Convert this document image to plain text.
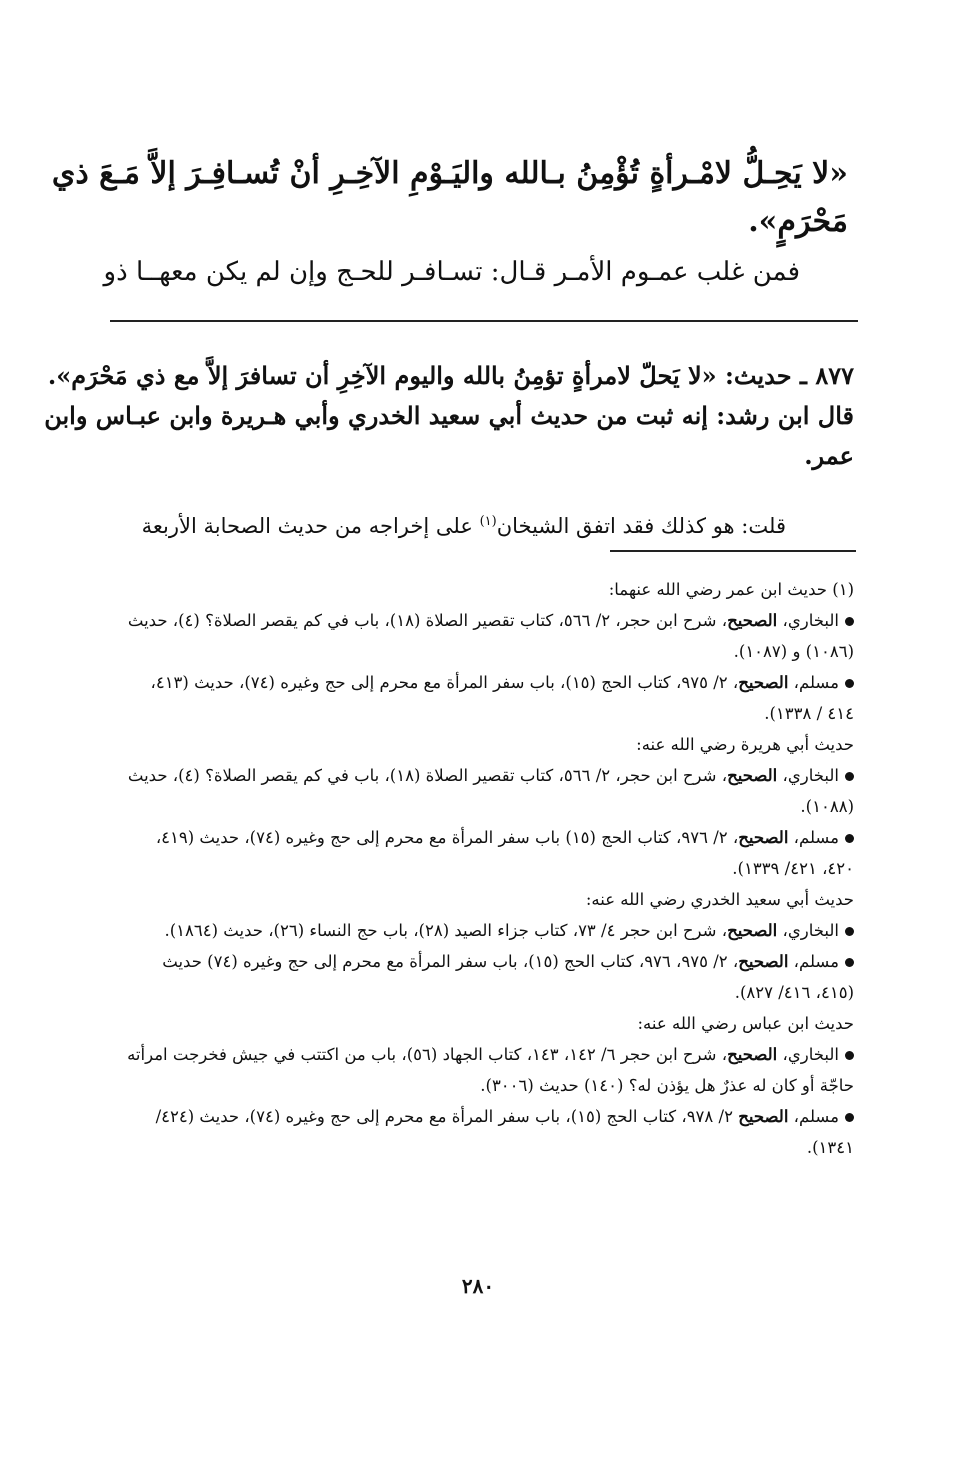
«لا يَحِـلُّ لامْـرأةٍ تُؤْمِنُ بـالله واليَـوْمِ الآخِـرِ أنْ تُسـافِـرَ إلاَّ مَـعَ ذي
مَحْرَمٍ».
فمن غلب عمـوم الأمـر قـال: تسـافـر للحـج وإن لم يكن معهــا ذو
٨٧٧ ـ حديث: «لا يَحلّ لامرأةٍ تؤمِنُ بالله واليوم الآخِرِ أن تسافرَ إلاَّ مع ذي مَحْرَم».
قال ابن رشد: إنه ثبت من حديث أبي سعيد الخدري وأبي هـريرة وابن عبـاس وابن
عمر.
قلت: هو كذلك فقد اتفق الشيخان$^{(١)}$ على إخراجه من حديث الصحابة الأربعة
(١) حديث ابن عمر رضي الله عنهما:
البخاري، الصحيح، شرح ابن حجر، ٢/ ٥٦٦، كتاب تقصير الصلاة (١٨)، باب في كم يقصر الصلاة؟ (٤)، حديث (١٠٨٦) و (١٠٨٧).
مسلم، الصحيح، ٢/ ٩٧٥، كتاب الحج (١٥)، باب سفر المرأة مع محرم إلى حج وغيره (٧٤)، حديث (٤١٣، ٤١٤ / ١٣٣٨).
حديث أبي هريرة رضي الله عنه:
البخاري، الصحيح، شرح ابن حجر، ٢/ ٥٦٦، كتاب تقصير الصلاة (١٨)، باب في كم يقصر الصلاة؟ (٤)، حديث (١٠٨٨).
مسلم، الصحيح، ٢/ ٩٧٦، كتاب الحج (١٥) باب سفر المرأة مع محرم إلى حج وغيره (٧٤)، حديث (٤١٩، ٤٢٠، ٤٢١/ ١٣٣٩).
حديث أبي سعيد الخدري رضي الله عنه:
البخاري، الصحيح، شرح ابن حجر ٤/ ٧٣، كتاب جزاء الصيد (٢٨)، باب حج النساء (٢٦)، حديث (١٨٦٤).
مسلم، الصحيح، ٢/ ٩٧٥، ٩٧٦، كتاب الحج (١٥)، باب سفر المرأة مع محرم إلى حج وغيره (٧٤) حديث (٤١٥، ٤١٦/ ٨٢٧).
حديث ابن عباس رضي الله عنه:
البخاري، الصحيح، شرح ابن حجر ٦/ ١٤٢، ١٤٣، كتاب الجهاد (٥٦)، باب من اكتتب في جيش فخرجت امرأته حاجّة أو كان له عذرٌ هل يؤذن له؟ (١٤٠) حديث (٣٠٠٦).
مسلم، الصحيح ٢/ ٩٧٨، كتاب الحج (١٥)، باب سفر المرأة مع محرم إلى حج وغيره (٧٤)، حديث (٤٢٤/ ١٣٤١).
٢٨٠
